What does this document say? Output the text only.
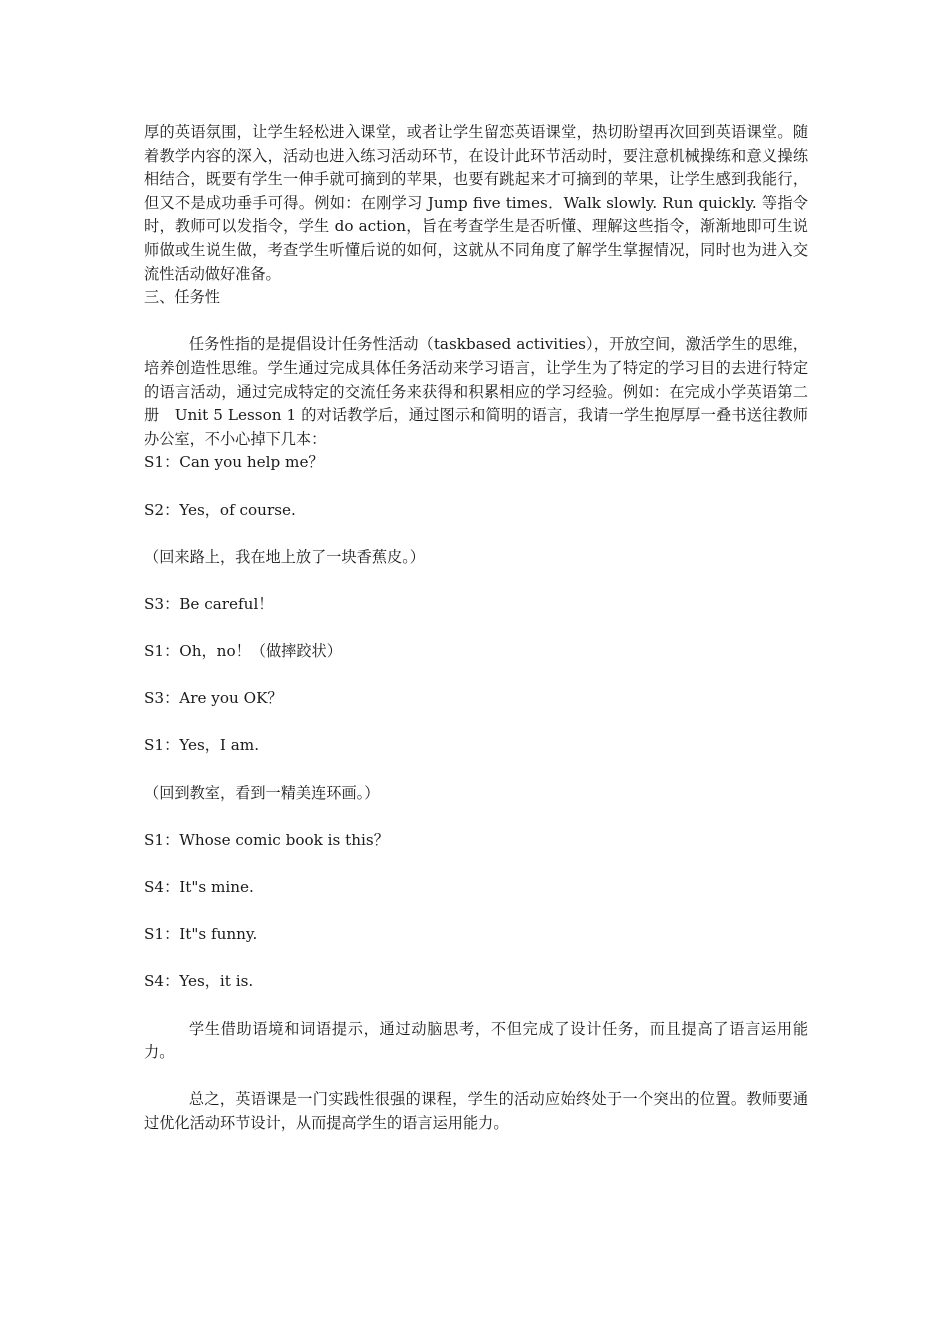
厚的英语氛围，让学生轻松进入课堂，或者让学生留恋英语课堂，热切盼望再次回到英语课堂。随着教学内容的深入，活动也进入练习活动环节，在设计此环节活动时，要注意机械操练和意义操练相结合，既要有学生一伸手就可摘到的苹果，也要有跳起来才可摘到的苹果，让学生感到我能行，但又不是成功垂手可得。例如：在刚学习 Jump five times．Walk slowly. Run quickly. 等指令时，教师可以发指令，学生 do action，旨在考查学生是否听懂、理解这些指令，渐渐地即可生说师做或生说生做，考查学生听懂后说的如何，这就从不同角度了解学生掌握情况，同时也为进入交流性活动做好准备。

三、任务性

任务性指的是提倡设计任务性活动（taskbased activities），开放空间，激活学生的思维，培养创造性思维。学生通过完成具体任务活动来学习语言，让学生为了特定的学习目的去进行特定的语言活动，通过完成特定的交流任务来获得和积累相应的学习经验。例如：在完成小学英语第二册　Unit 5 Lesson 1 的对话教学后，通过图示和简明的语言，我请一学生抱厚厚一叠书送往教师办公室，不小心掉下几本：

S1：Can you help me？

S2：Yes，of course.

（回来路上，我在地上放了一块香蕉皮。）

S3：Be careful！

S1：Oh，no！（做摔跤状）

S3：Are you OK？

S1：Yes，I am.

（回到教室，看到一精美连环画。）

S1：Whose comic book is this？

S4：It"s mine.

S1：It"s funny.

S4：Yes，it is.

学生借助语境和词语提示，通过动脑思考，不但完成了设计任务，而且提高了语言运用能力。

总之，英语课是一门实践性很强的课程，学生的活动应始终处于一个突出的位置。教师要通过优化活动环节设计，从而提高学生的语言运用能力。
